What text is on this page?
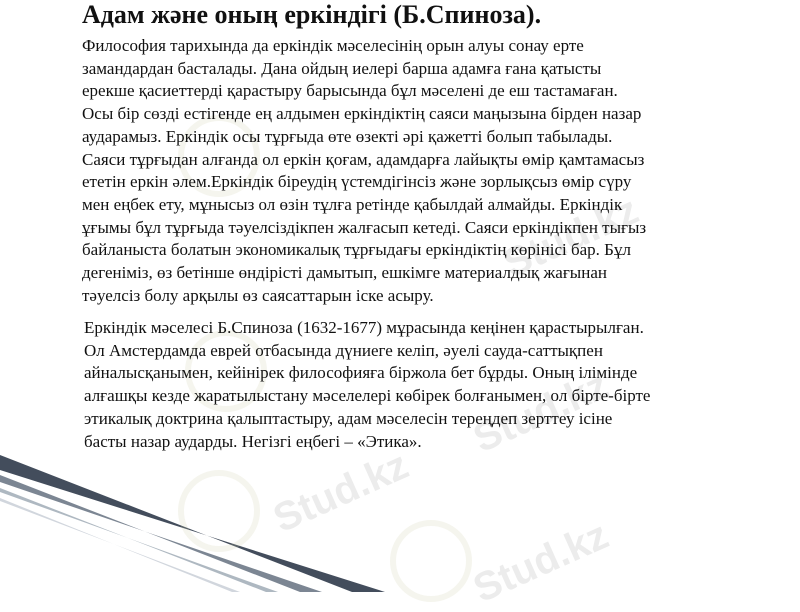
Stud.kz
Stud.kz
Stud.kz
Stud.kz
Адам және оның еркіндігі (Б.Спиноза).
Философия тарихында да еркіндік мәселесінің орын алуы сонау ерте
замандардан басталады. Дана ойдың иелері барша адамға ғана қатысты
ерекше қасиеттерді қарастыру барысында бұл мәселені де еш тастамаған.
Осы бір сөзді естігенде ең алдымен еркіндіктің саяси маңызына бірден назар
аударамыз. Еркіндік осы тұрғыда өте өзекті әрі қажетті болып табылады.
Саяси тұрғыдан алғанда ол еркін қоғам, адамдарға лайықты өмір қамтамасыз
ететін еркін әлем.Еркіндік біреудің үстемдігінсіз және зорлықсыз өмір сүру
мен еңбек ету, мұнысыз ол өзін тұлға ретінде қабылдай алмайды. Еркіндік
ұғымы бұл тұрғыда тәуелсіздікпен жалғасып кетеді. Саяси еркіндікпен тығыз
байланыста болатын экономикалық тұрғыдағы еркіндіктің көрінісі бар. Бұл
дегеніміз, өз бетінше өндірісті дамытып, ешкімге материалдық жағынан
тәуелсіз болу арқылы өз саясаттарын іске асыру.
Еркіндік мәселесі Б.Спиноза (1632-1677) мұрасында кеңінен қарастырылған.
Ол Амстердамда еврей отбасында дүниеге келіп, әуелі сауда-саттықпен
айналысқанымен, кейінірек философияға біржола бет бұрды. Оның ілімінде
алғашқы кезде жаратылыстану мәселелері көбірек болғанымен, ол бірте-бірте
этикалық доктрина қалыптастыру, адам мәселесін тереңдеп зерттеу ісіне
басты назар аударды. Негізгі еңбегі – «Этика».
